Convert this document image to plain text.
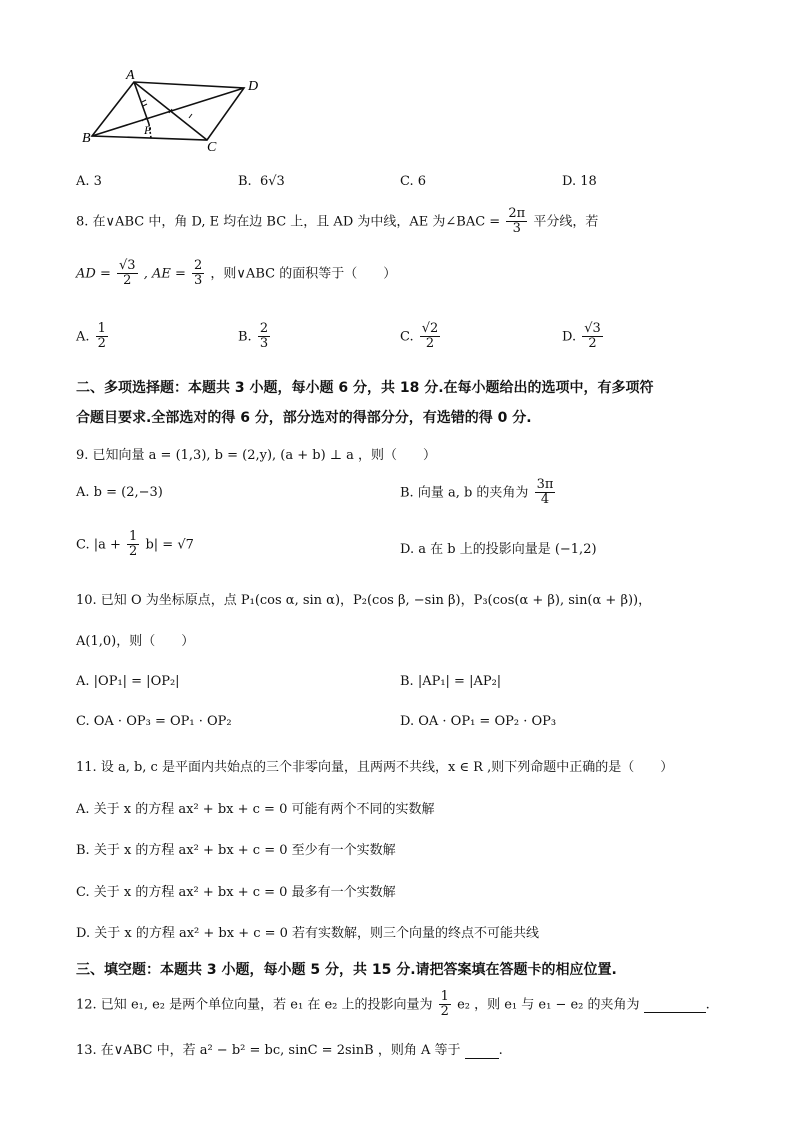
A
D
B
C
P
A. 3	B. 6√3	C. 6	D. 18
8. 在∨ABC 中，角 D, E 均在边 BC 上，且 AD 为中线，AE 为∠BAC = $\frac{2\pi}{3}$ 平分线，若
AD = $\frac{√3}{2}$ , AE = $\frac{2}{3}$ ，则∨ABC 的面积等于（　　）
A. $\frac{1}{2}$	B. $\frac{2}{3}$	C. $\frac{√2}{2}$	D. $\frac{√3}{2}$
二、多项选择题：本题共 3 小题，每小题 6 分，共 18 分.在每小题给出的选项中，有多项符
合题目要求.全部选对的得 6 分，部分选对的得部分分，有选错的得 0 分.
9. 已知向量 a = (1,3), b = (2,y), (a + b) ⊥ a ，则（　　）
A. b = (2,−3)	B. 向量 a, b 的夹角为 $\frac{3\pi}{4}$
C. $|a + \frac{1}{2} b| = √7$	D. a 在 b 上的投影向量是 (−1,2)
10. 已知 O 为坐标原点，点 P₁(cos α, sin α)，P₂(cos β, −sin β)，P₃(cos(α + β), sin(α + β))，
A(1,0)，则（　　）
A. |OP₁| = |OP₂|	B. |AP₁| = |AP₂|
C. OA · OP₃ = OP₁ · OP₂	D. OA · OP₁ = OP₂ · OP₃
11. 设 a, b, c 是平面内共始点的三个非零向量，且两两不共线，x ∈ R ,则下列命题中正确的是（　　）
A. 关于 x 的方程 ax² + bx + c = 0 可能有两个不同的实数解
B. 关于 x 的方程 ax² + bx + c = 0 至少有一个实数解
C. 关于 x 的方程 ax² + bx + c = 0 最多有一个实数解
D. 关于 x 的方程 ax² + bx + c = 0 若有实数解，则三个向量的终点不可能共线
三、填空题：本题共 3 小题，每小题 5 分，共 15 分.请把答案填在答题卡的相应位置.
12. 已知 e₁, e₂ 是两个单位向量，若 e₁ 在 e₂ 上的投影向量为 $\frac{1}{2} e_2$ ，则 e₁ 与 e₁ − e₂ 的夹角为	.
13. 在∨ABC 中，若 a² − b² = bc, sinC = 2sinB ，则角 A 等于	.
